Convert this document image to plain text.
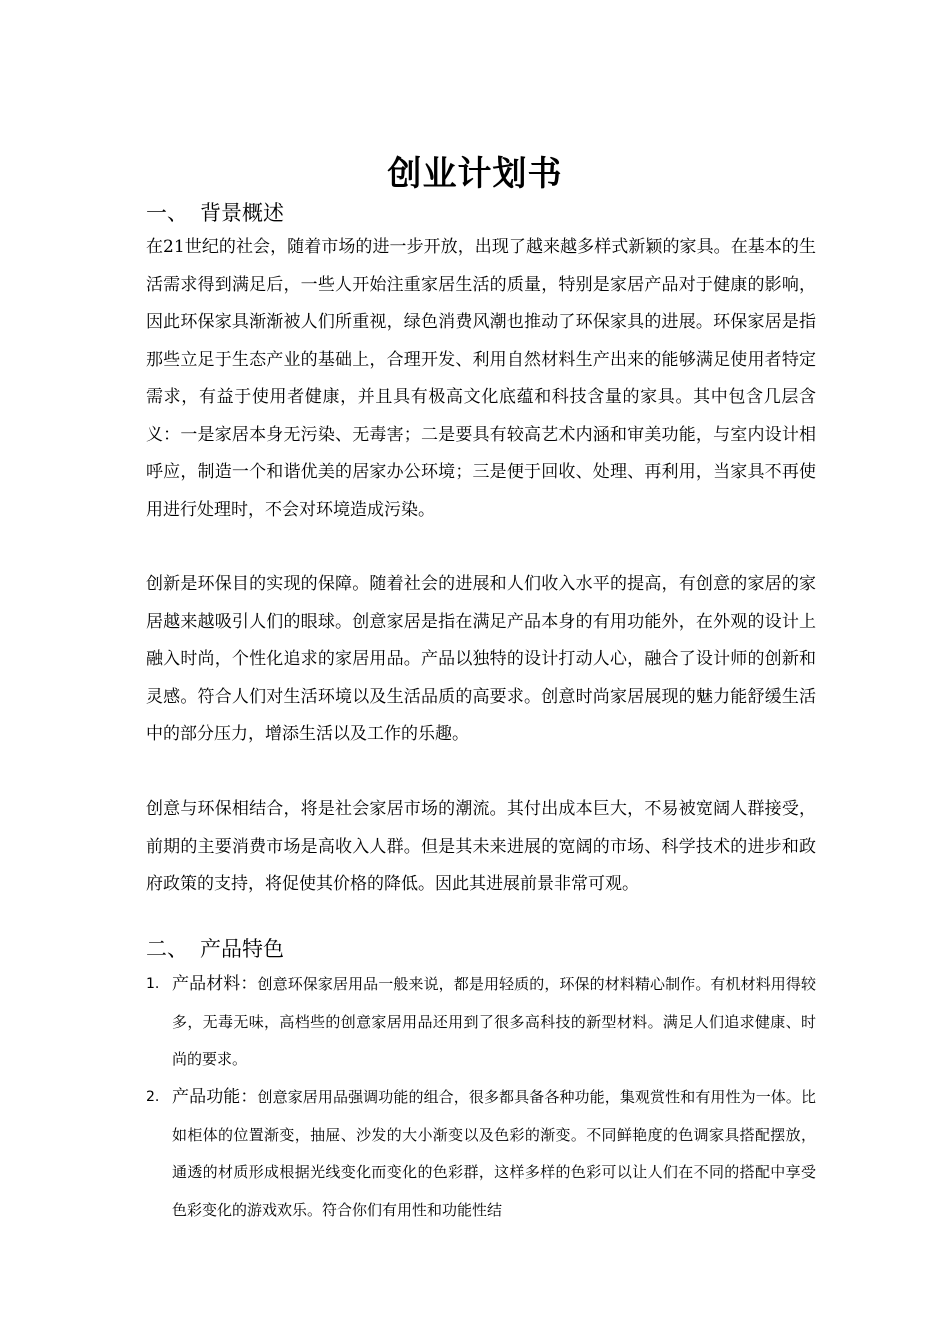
创业计划书
一、 背景概述
在21世纪的社会，随着市场的进一步开放，出现了越来越多样式新颖的家具。在基本的生活需求得到满足后，一些人开始注重家居生活的质量，特别是家居产品对于健康的影响，因此环保家具渐渐被人们所重视，绿色消费风潮也推动了环保家具的进展。环保家居是指那些立足于生态产业的基础上，合理开发、利用自然材料生产出来的能够满足使用者特定需求，有益于使用者健康，并且具有极高文化底蕴和科技含量的家具。其中包含几层含义：一是家居本身无污染、无毒害；二是要具有较高艺术内涵和审美功能，与室内设计相呼应，制造一个和谐优美的居家办公环境；三是便于回收、处理、再利用，当家具不再使用进行处理时，不会对环境造成污染。
创新是环保目的实现的保障。随着社会的进展和人们收入水平的提高，有创意的家居的家居越来越吸引人们的眼球。创意家居是指在满足产品本身的有用功能外，在外观的设计上融入时尚，个性化追求的家居用品。产品以独特的设计打动人心，融合了设计师的创新和灵感。符合人们对生活环境以及生活品质的高要求。创意时尚家居展现的魅力能舒缓生活中的部分压力，增添生活以及工作的乐趣。
创意与环保相结合，将是社会家居市场的潮流。其付出成本巨大，不易被宽阔人群接受，前期的主要消费市场是高收入人群。但是其未来进展的宽阔的市场、科学技术的进步和政府政策的支持，将促使其价格的降低。因此其进展前景非常可观。
二、 产品特色
1. 产品材料：创意环保家居用品一般来说，都是用轻质的，环保的材料精心制作。有机材料用得较多，无毒无味，高档些的创意家居用品还用到了很多高科技的新型材料。满足人们追求健康、时尚的要求。
2. 产品功能：创意家居用品强调功能的组合，很多都具备各种功能，集观赏性和有用性为一体。比如柜体的位置渐变，抽屉、沙发的大小渐变以及色彩的渐变。不同鲜艳度的色调家具搭配摆放，通透的材质形成根据光线变化而变化的色彩群，这样多样的色彩可以让人们在不同的搭配中享受色彩变化的游戏欢乐。符合你们有用性和功能性结
